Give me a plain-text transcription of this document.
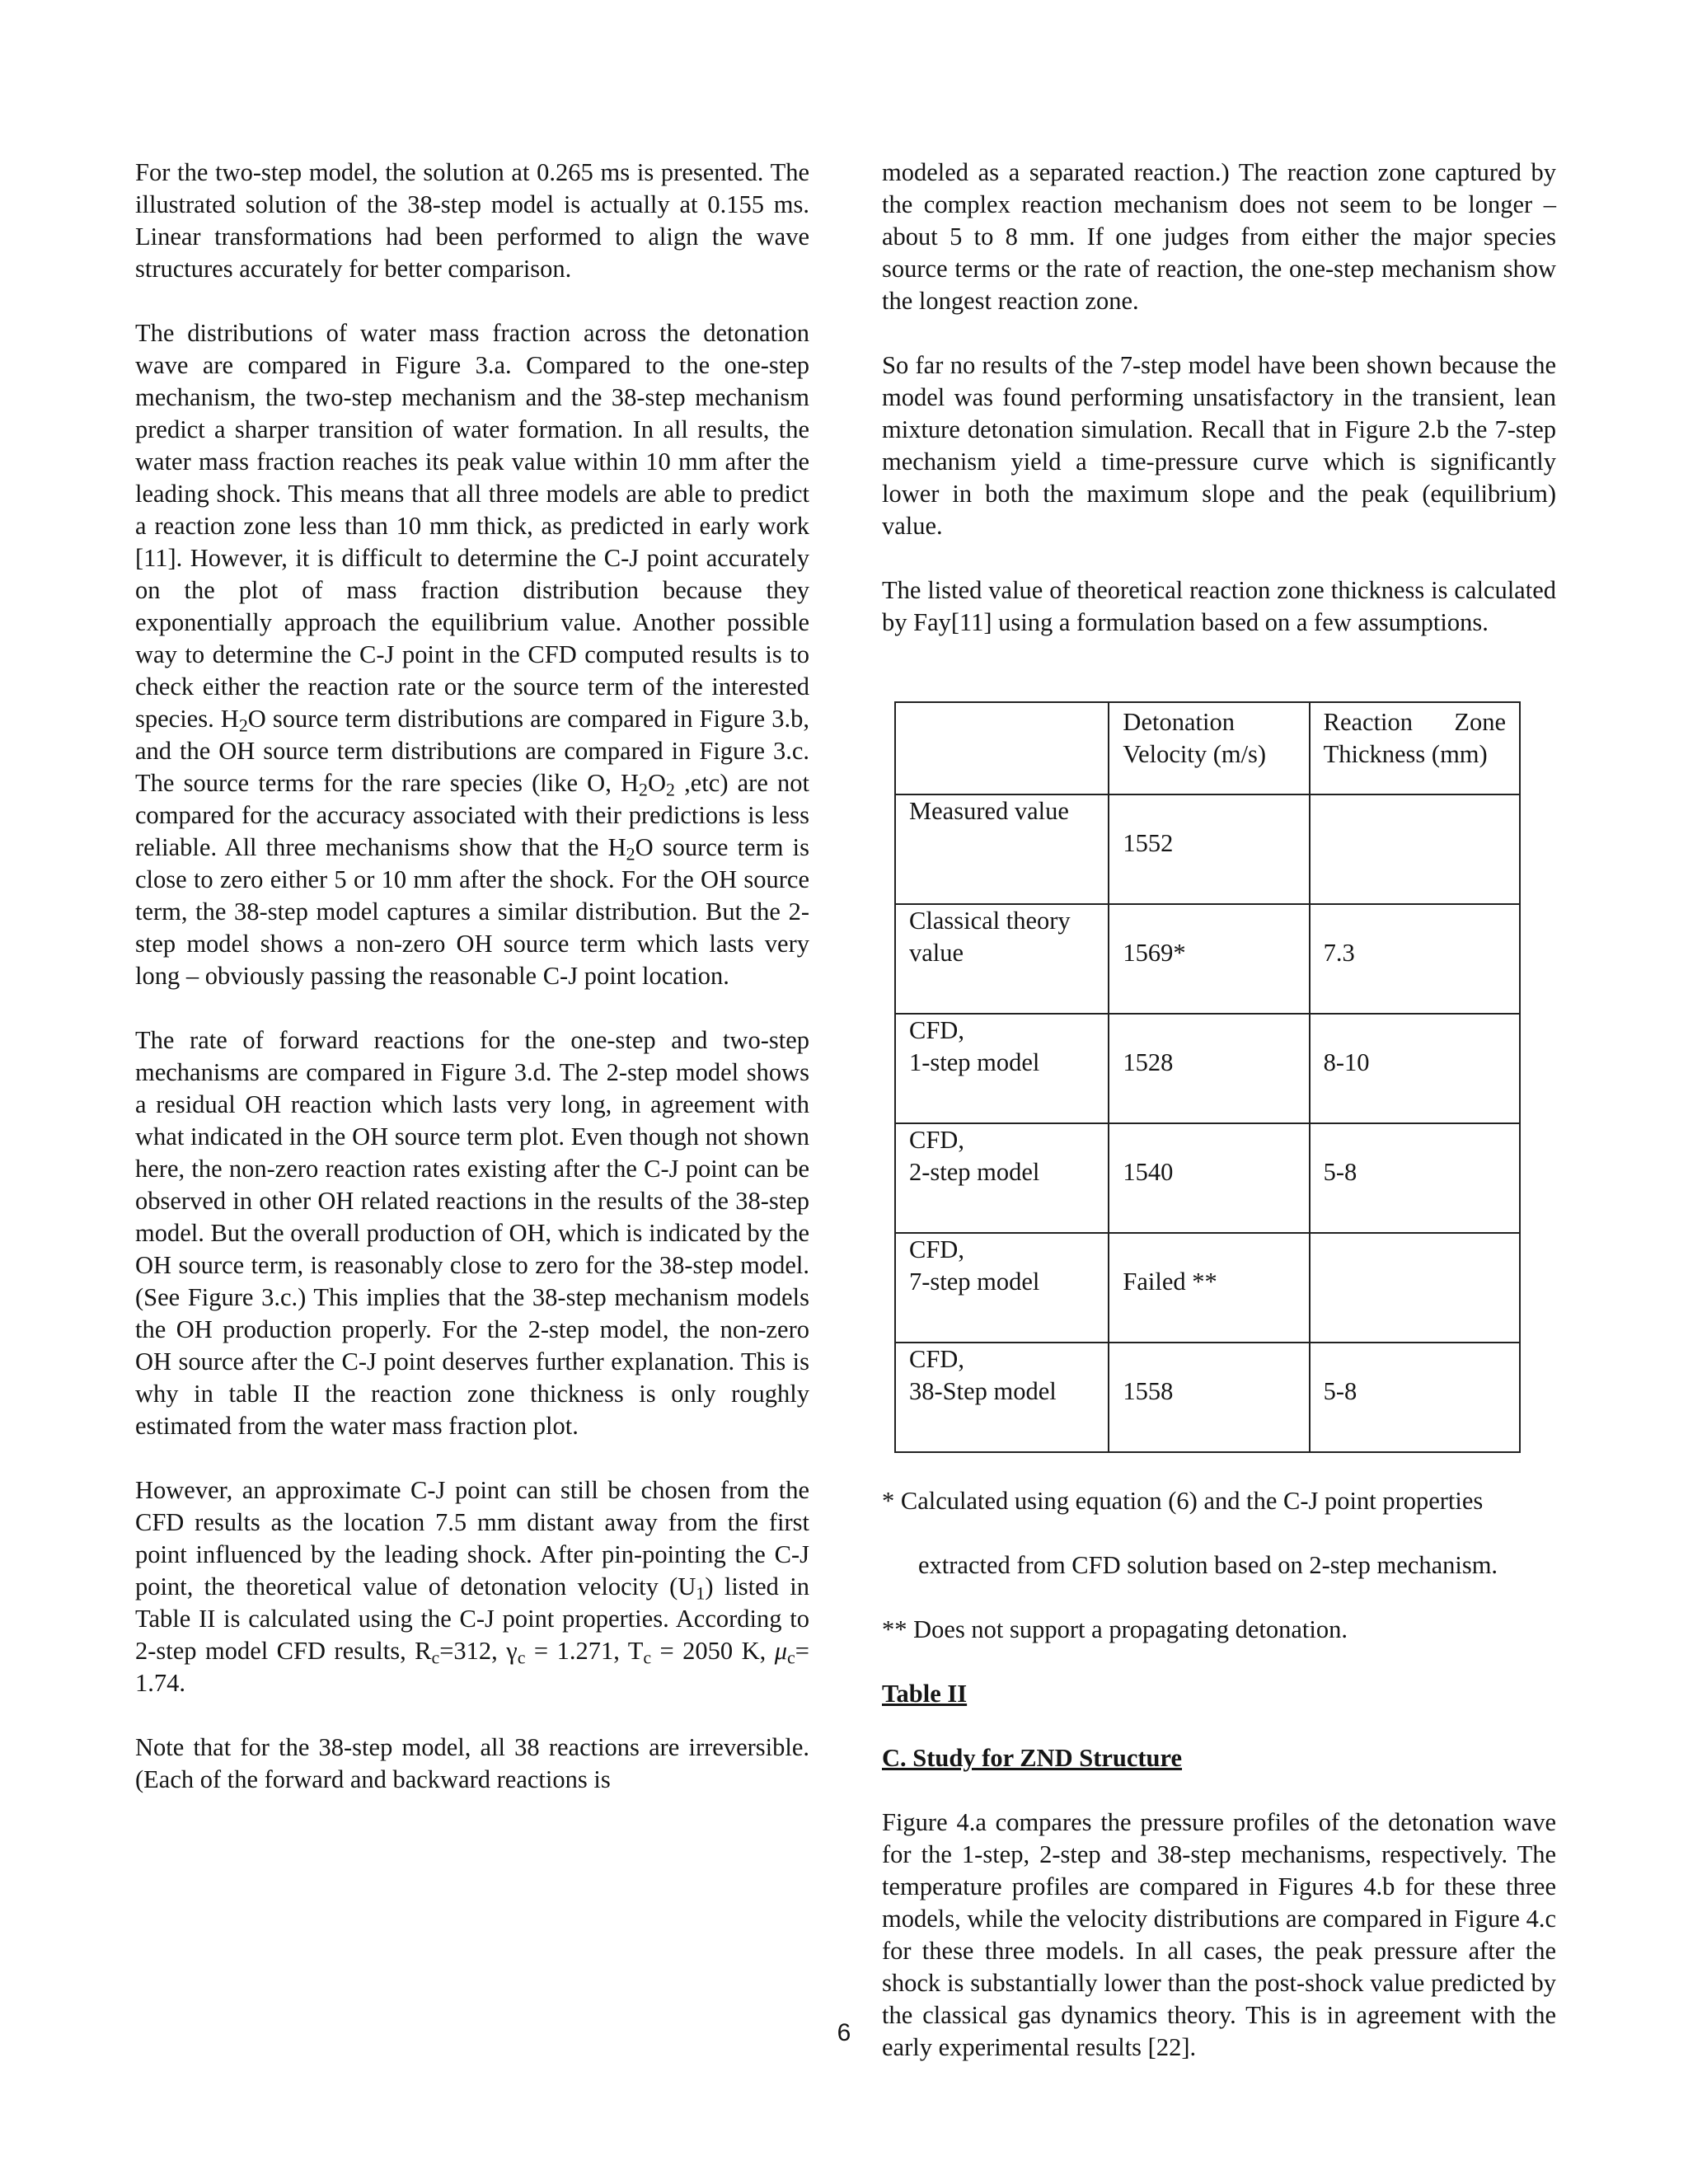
For the two-step model, the solution at 0.265 ms is presented. The illustrated solution of the 38-step model is actually at 0.155 ms. Linear transformations had been performed to align the wave structures accurately for better comparison.

The distributions of water mass fraction across the detonation wave are compared in Figure 3.a. Compared to the one-step mechanism, the two-step mechanism and the 38-step mechanism predict a sharper transition of water formation. In all results, the water mass fraction reaches its peak value within 10 mm after the leading shock. This means that all three models are able to predict a reaction zone less than 10 mm thick, as predicted in early work [11]. However, it is difficult to determine the C-J point accurately on the plot of mass fraction distribution because they exponentially approach the equilibrium value. Another possible way to determine the C-J point in the CFD computed results is to check either the reaction rate or the source term of the interested species. $H_2O$ source term distributions are compared in Figure 3.b, and the OH source term distributions are compared in Figure 3.c. The source terms for the rare species (like O, $H_2O_2$ ,etc) are not compared for the accuracy associated with their predictions is less reliable. All three mechanisms show that the $H_2O$ source term is close to zero either 5 or 10 mm after the shock. For the OH source term, the 38-step model captures a similar distribution. But the 2-step model shows a non-zero OH source term which lasts very long – obviously passing the reasonable C-J point location.

The rate of forward reactions for the one-step and two-step mechanisms are compared in Figure 3.d. The 2-step model shows a residual OH reaction which lasts very long, in agreement with what indicated in the OH source term plot. Even though not shown here, the non-zero reaction rates existing after the C-J point can be observed in other OH related reactions in the results of the 38-step model. But the overall production of OH, which is indicated by the OH source term, is reasonably close to zero for the 38-step model. (See Figure 3.c.) This implies that the 38-step mechanism models the OH production properly. For the 2-step model, the non-zero OH source after the C-J point deserves further explanation. This is why in table II the reaction zone thickness is only roughly estimated from the water mass fraction plot.

However, an approximate C-J point can still be chosen from the CFD results as the location 7.5 mm distant away from the first point influenced by the leading shock. After pin-pointing the C-J point, the theoretical value of detonation velocity $(U_1)$ listed in Table II is calculated using the C-J point properties. According to 2-step model CFD results, $R_c=312$, $\gamma_c = 1.271$, $T_c = 2050$ K, $\mu_c= 1.74$.

Note that for the 38-step model, all 38 reactions are irreversible. (Each of the forward and backward reactions is

modeled as a separated reaction.) The reaction zone captured by the complex reaction mechanism does not seem to be longer – about 5 to 8 mm. If one judges from either the major species source terms or the rate of reaction, the one-step mechanism show the longest reaction zone.

So far no results of the 7-step model have been shown because the model was found performing unsatisfactory in the transient, lean mixture detonation simulation. Recall that in Figure 2.b the 7-step mechanism yield a time-pressure curve which is significantly lower in both the maximum slope and the peak (equilibrium) value.

The listed value of theoretical reaction zone thickness is calculated by Fay[11] using a formulation based on a few assumptions.

	Detonation Velocity (m/s)	Reaction Zone Thickness (mm)
Measured value	1552	
Classical theory
value	1569*	7.3
CFD,
1-step model	1528	8-10
CFD,
2-step model	1540	5-8
CFD,
7-step model	Failed **	
CFD,
38-Step model	1558	5-8

* Calculated using equation (6) and the C-J point properties

extracted from CFD solution based on 2-step mechanism.

** Does not support a propagating detonation.

Table II

C. Study for ZND Structure

Figure 4.a compares the pressure profiles of the detonation wave for the 1-step, 2-step and 38-step mechanisms, respectively. The temperature profiles are compared in Figures 4.b for these three models, while the velocity distributions are compared in Figure 4.c for these three models. In all cases, the peak pressure after the shock is substantially lower than the post-shock value predicted by the classical gas dynamics theory. This is in agreement with the early experimental results [22].

6
